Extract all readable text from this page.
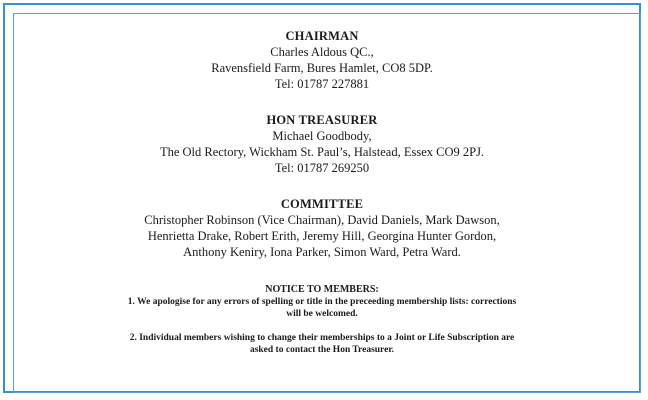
CHAIRMAN
Charles Aldous QC.,
Ravensfield Farm, Bures Hamlet, CO8 5DP.
Tel: 01787 227881
HON TREASURER
Michael Goodbody,
The Old Rectory, Wickham St. Paul’s, Halstead, Essex CO9 2PJ.
Tel: 01787 269250
COMMITTEE
Christopher Robinson (Vice Chairman), David Daniels, Mark Dawson,
Henrietta Drake, Robert Erith, Jeremy Hill, Georgina Hunter Gordon,
Anthony Keniry, Iona Parker, Simon Ward, Petra Ward.
NOTICE TO MEMBERS:
1. We apologise for any errors of spelling or title in the preceeding membership lists: corrections
will be welcomed.
2. Individual members wishing to change their memberships to a Joint or Life Subscription are
asked to contact the Hon Treasurer.
